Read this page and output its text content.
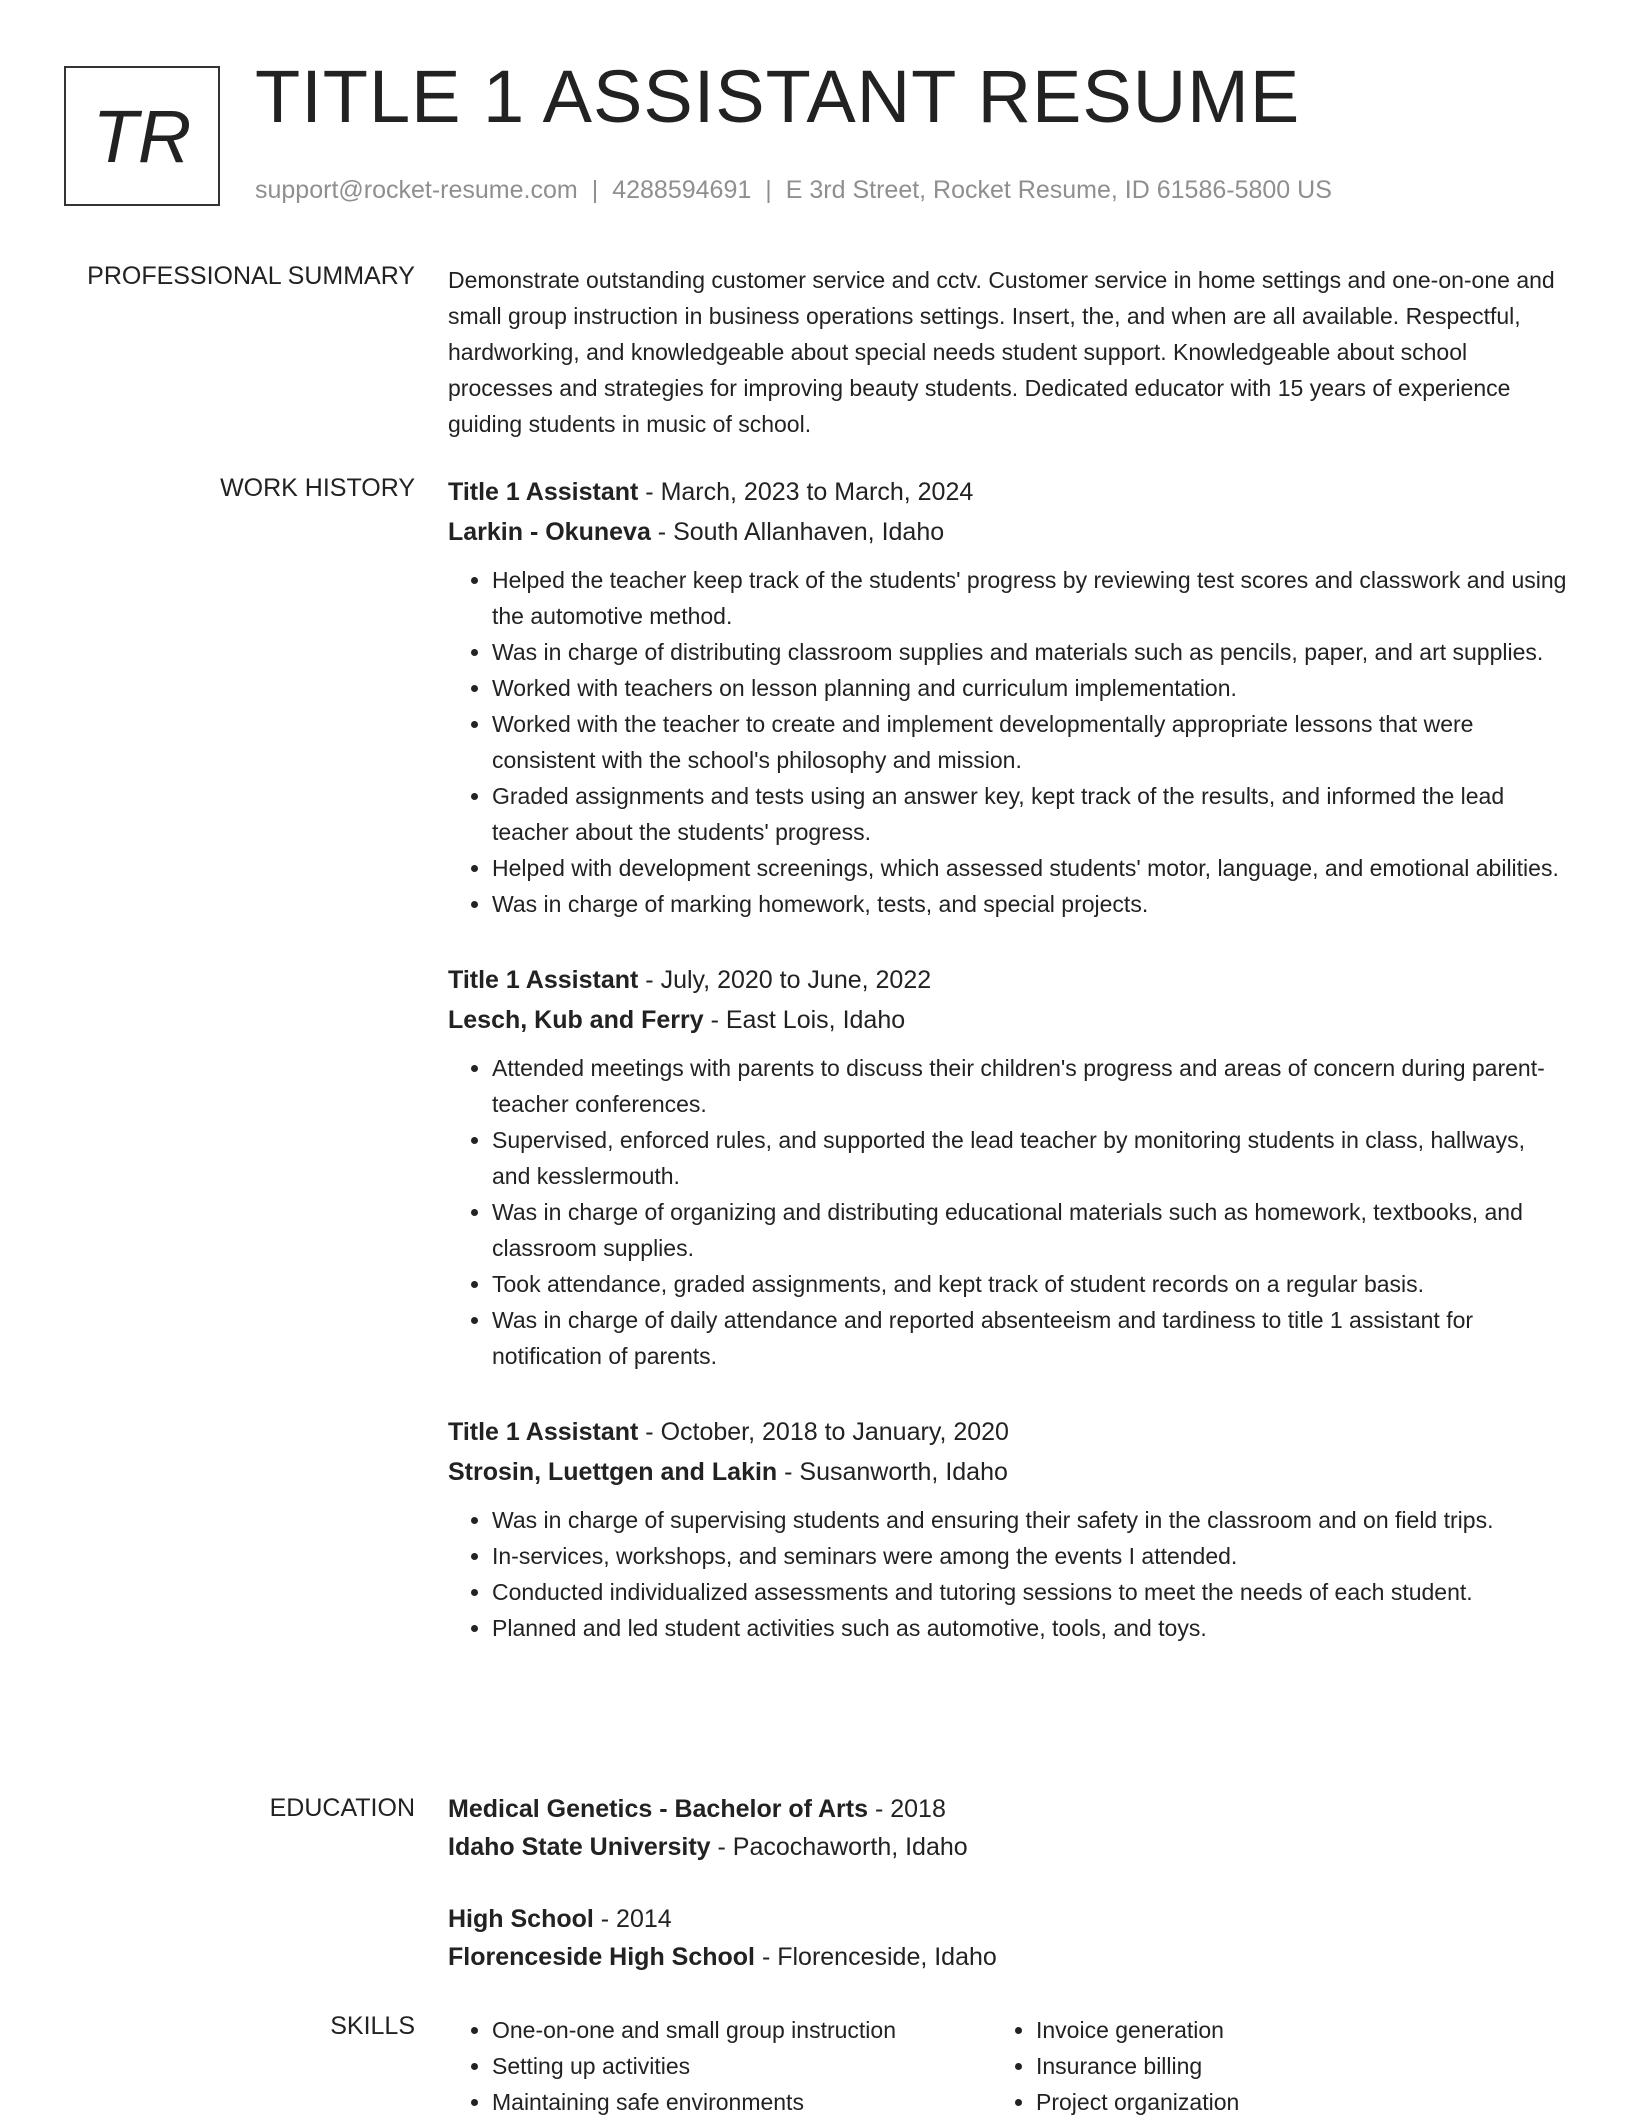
TR TITLE 1 ASSISTANT RESUME
support@rocket-resume.com | 4288594691 | E 3rd Street, Rocket Resume, ID 61586-5800 US
PROFESSIONAL SUMMARY Demonstrate outstanding customer service and cctv. Customer service in home settings and one-on-one and small group instruction in business operations settings. Insert, the, and when are all available. Respectful, hardworking, and knowledgeable about special needs student support. Knowledgeable about school processes and strategies for improving beauty students. Dedicated educator with 15 years of experience guiding students in music of school.

WORK HISTORY Title 1 Assistant - March, 2023 to March, 2024
Larkin - Okuneva - South Allanhaven, Idaho
• Helped the teacher keep track of the students' progress by reviewing test scores and classwork and using the automotive method.
• Was in charge of distributing classroom supplies and materials such as pencils, paper, and art supplies.
• Worked with teachers on lesson planning and curriculum implementation.
• Worked with the teacher to create and implement developmentally appropriate lessons that were consistent with the school's philosophy and mission.
• Graded assignments and tests using an answer key, kept track of the results, and informed the lead teacher about the students' progress.
• Helped with development screenings, which assessed students' motor, language, and emotional abilities.
• Was in charge of marking homework, tests, and special projects.
Title 1 Assistant - July, 2020 to June, 2022
Lesch, Kub and Ferry - East Lois, Idaho
• Attended meetings with parents to discuss their children's progress and areas of concern during parent-teacher conferences.
• Supervised, enforced rules, and supported the lead teacher by monitoring students in class, hallways, and kesslermouth.
• Was in charge of organizing and distributing educational materials such as homework, textbooks, and classroom supplies.
• Took attendance, graded assignments, and kept track of student records on a regular basis.
• Was in charge of daily attendance and reported absenteeism and tardiness to title 1 assistant for notification of parents.
Title 1 Assistant - October, 2018 to January, 2020
Strosin, Luettgen and Lakin - Susanworth, Idaho
• Was in charge of supervising students and ensuring their safety in the classroom and on field trips.
• In-services, workshops, and seminars were among the events I attended.
• Conducted individualized assessments and tutoring sessions to meet the needs of each student.
• Planned and led student activities such as automotive, tools, and toys.
EDUCATION Medical Genetics - Bachelor of Arts - 2018
Idaho State University - Pacochaworth, Idaho
High School - 2014
Florenceside High School - Florenceside, Idaho
SKILLS
•	One-on-one and small group instruction
• Setting up activities
• Maintaining safe environments
• Invoice generation
• Insurance billing
• Project organization
